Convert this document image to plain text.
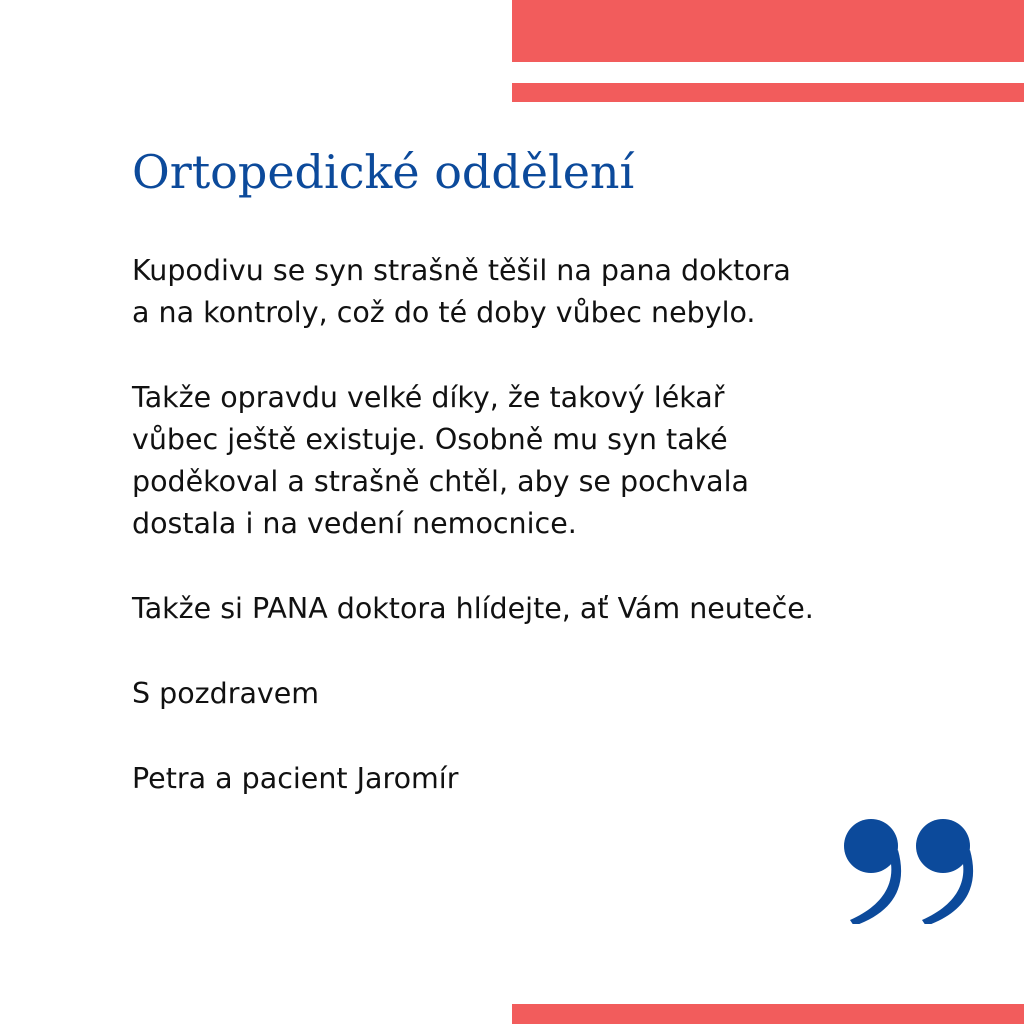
Ortopedické oddělení

Kupodivu se syn strašně těšil na pana doktora
a na kontroly, což do té doby vůbec nebylo.

Takže opravdu velké díky, že takový lékař
vůbec ještě existuje. Osobně mu syn také
poděkoval a strašně chtěl, aby se pochvala
dostala i na vedení nemocnice.

Takže si PANA doktora hlídejte, ať Vám neuteče.

S pozdravem

Petra a pacient Jaromír
